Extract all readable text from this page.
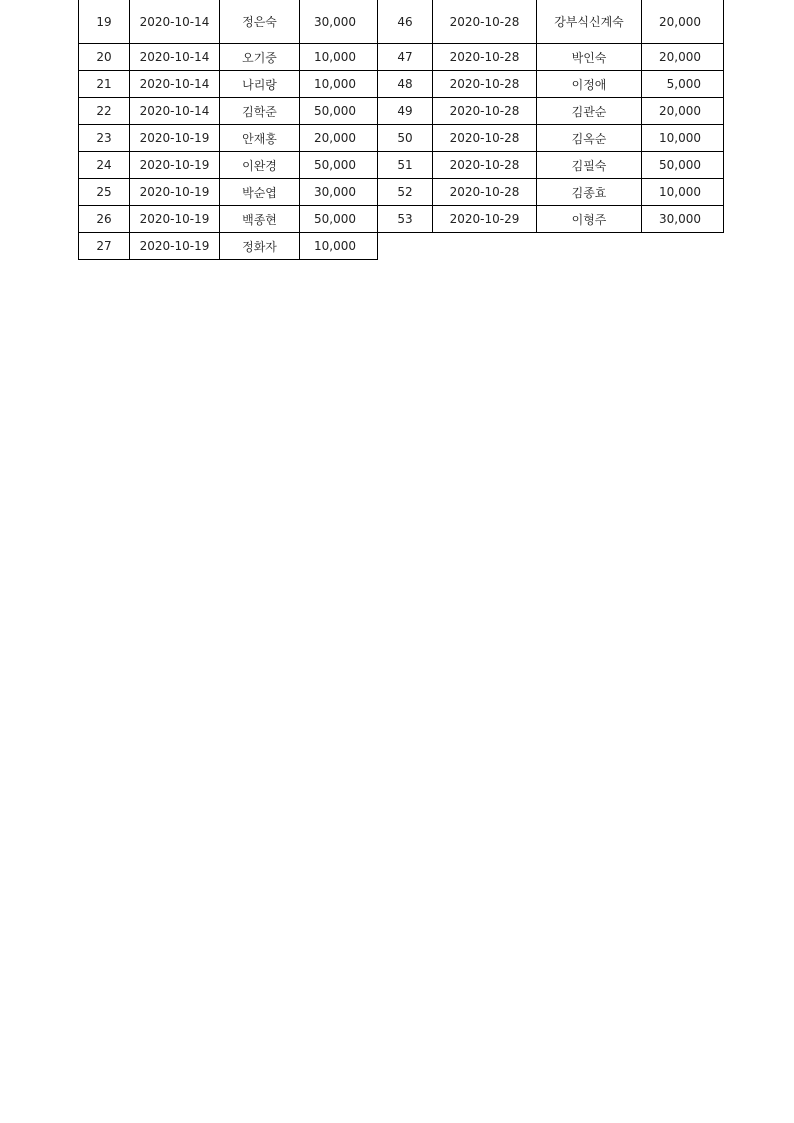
19	2020-10-14	정은숙	30,000	46	2020-10-28	강부식신계숙	20,000
20	2020-10-14	오기중	10,000	47	2020-10-28	박인숙	20,000
21	2020-10-14	나리랑	10,000	48	2020-10-28	이정애	5,000
22	2020-10-14	김학준	50,000	49	2020-10-28	김관순	20,000
23	2020-10-19	안재홍	20,000	50	2020-10-28	김옥순	10,000
24	2020-10-19	이완경	50,000	51	2020-10-28	김필숙	50,000
25	2020-10-19	박순엽	30,000	52	2020-10-28	김종효	10,000
26	2020-10-19	백종현	50,000	53	2020-10-29	이형주	30,000
27	2020-10-19	정화자	10,000				
